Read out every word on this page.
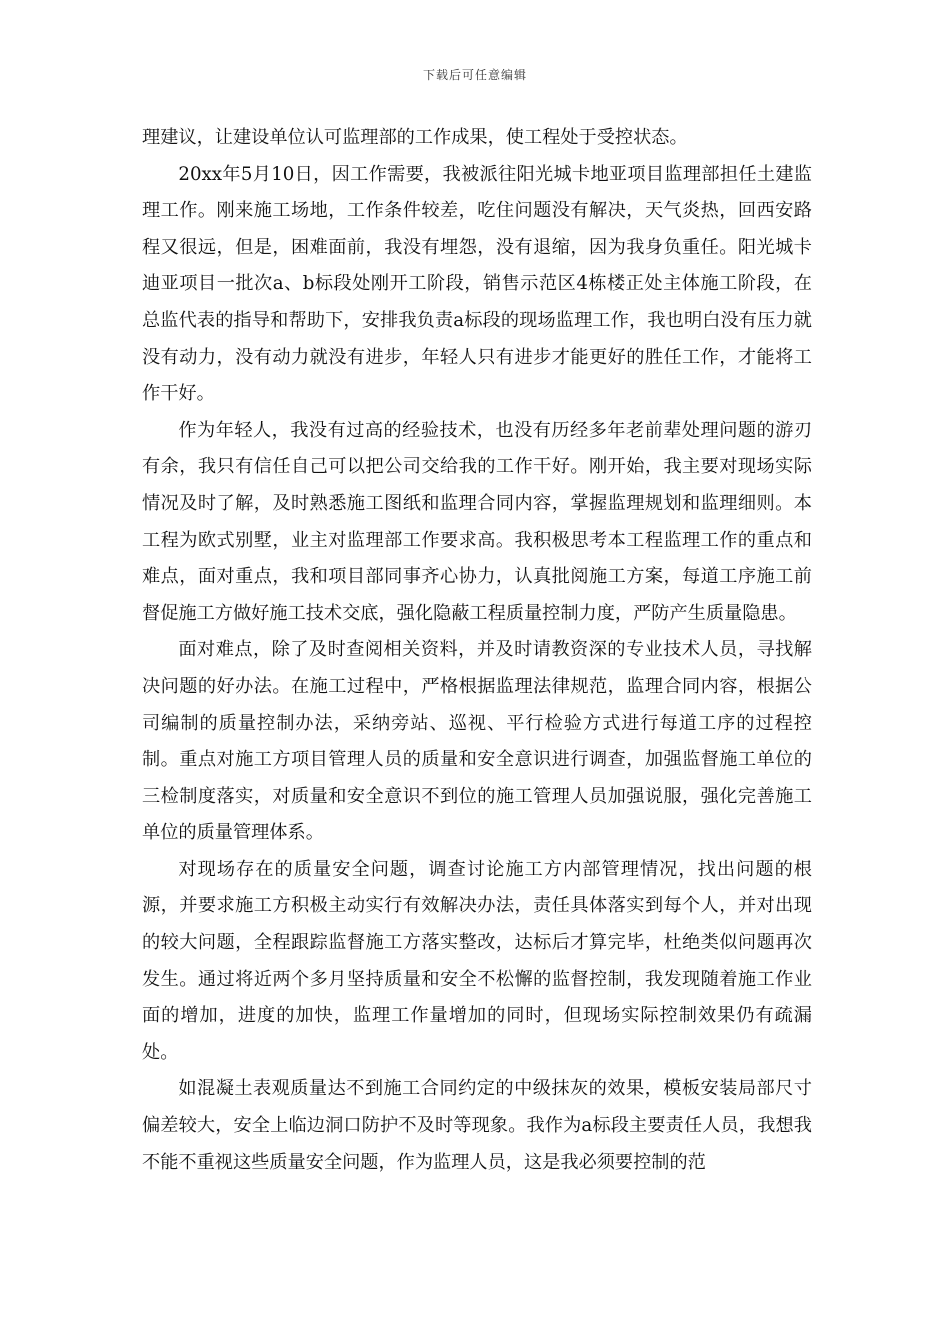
下载后可任意编辑

理建议，让建设单位认可监理部的工作成果，使工程处于受控状态。

20xx年5月10日，因工作需要，我被派往阳光城卡地亚项目监理部担任土建监理工作。刚来施工场地，工作条件较差，吃住问题没有解决，天气炎热，回西安路程又很远，但是，困难面前，我没有埋怨，没有退缩，因为我身负重任。阳光城卡迪亚项目一批次a、b标段处刚开工阶段，销售示范区4栋楼正处主体施工阶段，在总监代表的指导和帮助下，安排我负责a标段的现场监理工作，我也明白没有压力就没有动力，没有动力就没有进步，年轻人只有进步才能更好的胜任工作，才能将工作干好。

作为年轻人，我没有过高的经验技术，也没有历经多年老前辈处理问题的游刃有余，我只有信任自己可以把公司交给我的工作干好。刚开始，我主要对现场实际情况及时了解，及时熟悉施工图纸和监理合同内容，掌握监理规划和监理细则。本工程为欧式别墅，业主对监理部工作要求高。我积极思考本工程监理工作的重点和难点，面对重点，我和项目部同事齐心协力，认真批阅施工方案，每道工序施工前督促施工方做好施工技术交底，强化隐蔽工程质量控制力度，严防产生质量隐患。

面对难点，除了及时查阅相关资料，并及时请教资深的专业技术人员，寻找解决问题的好办法。在施工过程中，严格根据监理法律规范，监理合同内容，根据公司编制的质量控制办法，采纳旁站、巡视、平行检验方式进行每道工序的过程控制。重点对施工方项目管理人员的质量和安全意识进行调查，加强监督施工单位的三检制度落实，对质量和安全意识不到位的施工管理人员加强说服，强化完善施工单位的质量管理体系。

对现场存在的质量安全问题，调查讨论施工方内部管理情况，找出问题的根源，并要求施工方积极主动实行有效解决办法，责任具体落实到每个人，并对出现的较大问题，全程跟踪监督施工方落实整改，达标后才算完毕，杜绝类似问题再次发生。通过将近两个多月坚持质量和安全不松懈的监督控制，我发现随着施工作业面的增加，进度的加快，监理工作量增加的同时，但现场实际控制效果仍有疏漏处。

如混凝土表观质量达不到施工合同约定的中级抹灰的效果，模板安装局部尺寸偏差较大，安全上临边洞口防护不及时等现象。我作为a标段主要责任人员，我想我不能不重视这些质量安全问题，作为监理人员，这是我必须要控制的范
